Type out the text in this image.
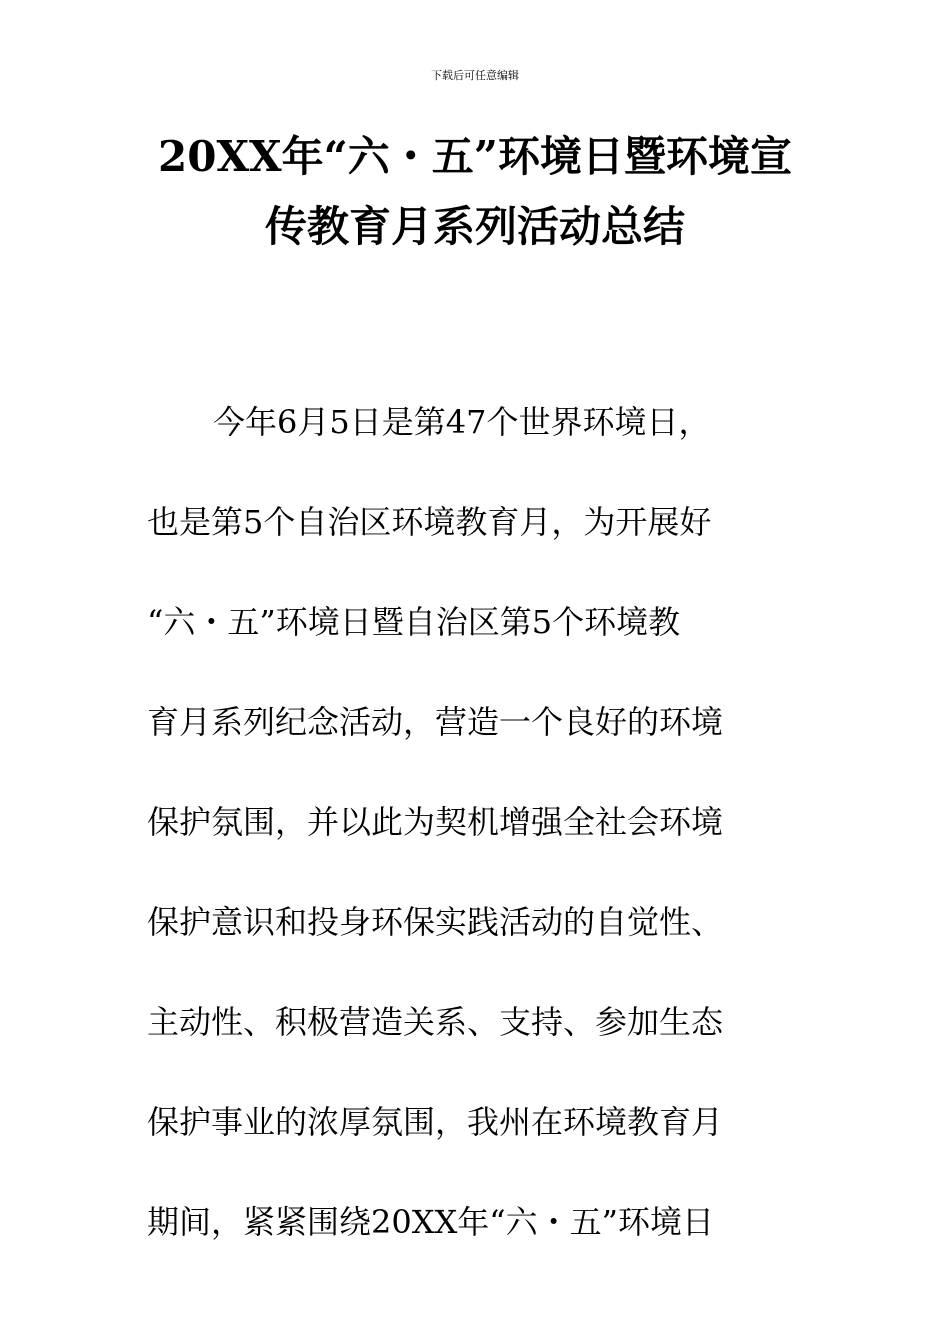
下载后可任意编辑
20XX年“六・五”环境日暨环境宣
传教育月系列活动总结
今年6月5日是第47个世界环境日，
也是第5个自治区环境教育月，为开展好
“六・五”环境日暨自治区第5个环境教
育月系列纪念活动，营造一个良好的环境
保护氛围，并以此为契机增强全社会环境
保护意识和投身环保实践活动的自觉性、
主动性、积极营造关系、支持、参加生态
保护事业的浓厚氛围，我州在环境教育月
期间，紧紧围绕20XX年“六・五”环境日
